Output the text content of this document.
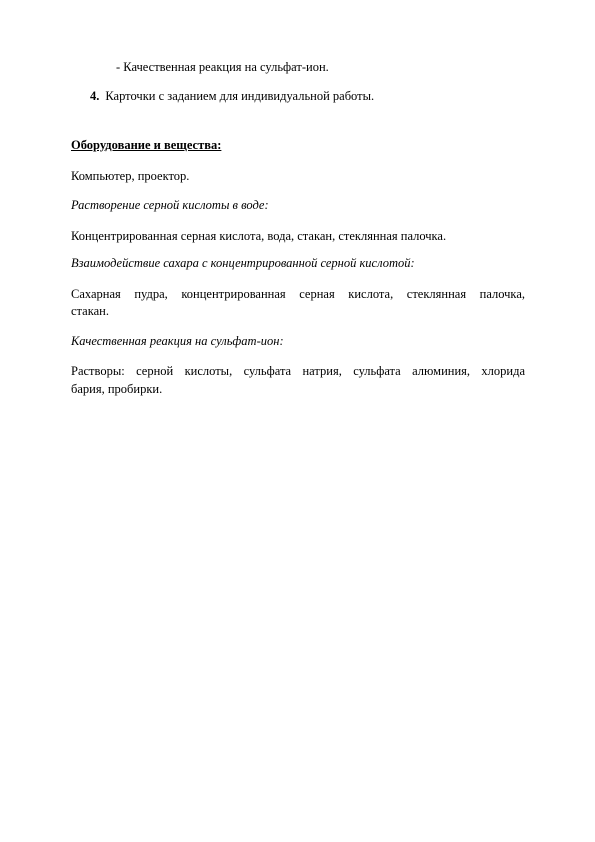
- Качественная реакция на сульфат-ион.
4. Карточки с заданием для индивидуальной работы.
Оборудование и вещества:
Компьютер, проектор.
Растворение серной кислоты в воде:
Концентрированная серная кислота, вода, стакан, стеклянная палочка.
Взаимодействие сахара с концентрированной серной кислотой:
Сахарная пудра, концентрированная серная кислота, стеклянная палочка,
стакан.
Качественная реакция на сульфат-ион:
Растворы: серной кислоты, сульфата натрия, сульфата алюминия, хлорида
бария, пробирки.
